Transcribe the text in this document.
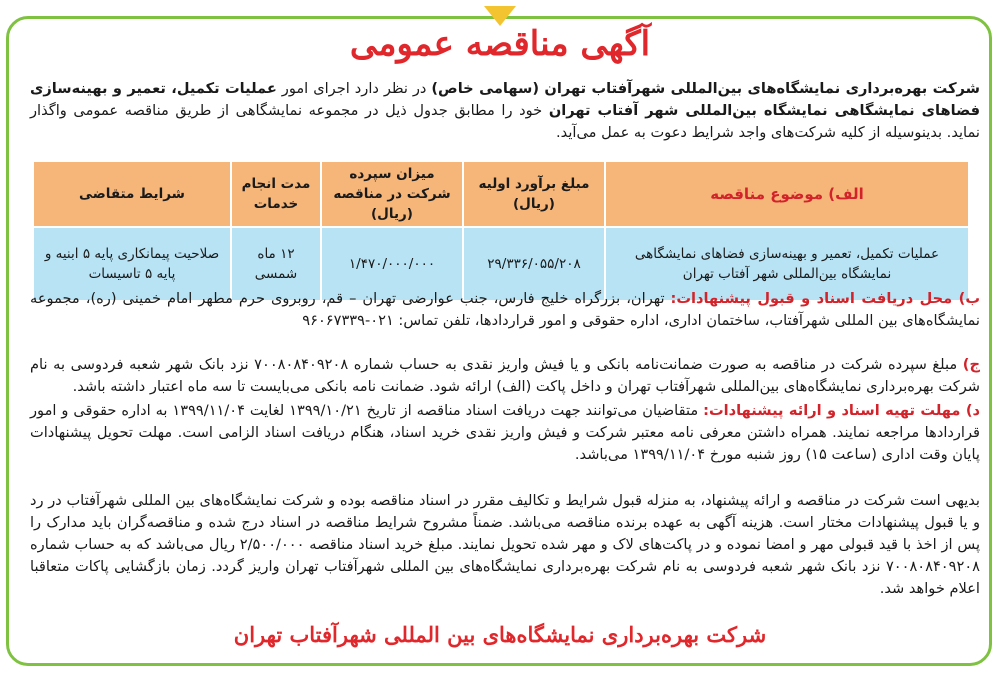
آگهی مناقصه عمومی

شرکت بهره‌برداری نمایشگاه‌های بین‌المللی شهرآفتاب تهران (سهامی خاص) در نظر دارد اجرای امور عملیات تکمیل، تعمیر و بهینه‌سازی فضاهای نمایشگاهی نمایشگاه بین‌المللی شهر آفتاب تهران خود را مطابق جدول ذیل در مجموعه نمایشگاهی از طریق مناقصه عمومی واگذار نماید. بدینوسیله از کلیه شرکت‌های واجد شرایط دعوت به عمل می‌آید.

الف) موضوع مناقصه	مبلغ برآورد اولیه (ریال)	میزان سپرده شرکت در مناقصه (ریال)	مدت انجام خدمات	شرایط متقاضی
عملیات تکمیل، تعمیر و بهینه‌سازی فضاهای نمایشگاهی نمایشگاه بین‌المللی شهر آفتاب تهران	۲۹/۳۳۶/۰۵۵/۲۰۸	۱/۴۷۰/۰۰۰/۰۰۰	۱۲ ماه شمسی	صلاحیت پیمانکاری پایه ۵ ابنیه و پایه ۵ تاسیسات

ب) محل دریافت اسناد و قبول پیشنهادات: تهران، بزرگراه خلیج فارس، جنب عوارضی تهران – قم، روبروی حرم مطهر امام خمینی (ره)، مجموعه نمایشگاه‌های بین المللی شهرآفتاب، ساختمان اداری، اداره حقوقی و امور قراردادها، تلفن تماس: ۰۲۱-۹۶۰۶۷۳۳۹

ج) مبلغ سپرده شرکت در مناقصه به صورت ضمانت‌نامه بانکی و یا فیش واریز نقدی به حساب شماره ۷۰۰۸۰۸۴۰۹۲۰۸ نزد بانک شهر شعبه فردوسی به نام شرکت بهره‌برداری نمایشگاه‌های بین‌المللی شهرآفتاب تهران و داخل پاکت (الف) ارائه شود. ضمانت نامه بانکی می‌بایست تا سه ماه اعتبار داشته باشد.

د) مهلت تهیه اسناد و ارائه پیشنهادات: متقاضیان می‌توانند جهت دریافت اسناد مناقصه از تاریخ ۱۳۹۹/۱۰/۲۱ لغایت ۱۳۹۹/۱۱/۰۴ به اداره حقوقی و امور قراردادها مراجعه نمایند. همراه داشتن معرفی نامه معتبر شرکت و فیش واریز نقدی خرید اسناد، هنگام دریافت اسناد الزامی است. مهلت تحویل پیشنهادات پایان وقت اداری (ساعت ۱۵) روز شنبه مورخ ۱۳۹۹/۱۱/۰۴ می‌باشد.

بدیهی است شرکت در مناقصه و ارائه پیشنهاد، به منزله قبول شرایط و تکالیف مقرر در اسناد مناقصه بوده و شرکت نمایشگاه‌های بین المللی شهرآفتاب در رد و یا قبول پیشنهادات مختار است. هزینه آگهی به عهده برنده مناقصه می‌باشد. ضمناً مشروح شرایط مناقصه در اسناد درج شده و مناقصه‌گران باید مدارک را پس از اخذ با قید قبولی مهر و امضا نموده و در پاکت‌های لاک و مهر شده تحویل نمایند. مبلغ خرید اسناد مناقصه ۲/۵۰۰/۰۰۰ ریال می‌باشد که به حساب شماره ۷۰۰۸۰۸۴۰۹۲۰۸ نزد بانک شهر شعبه فردوسی به نام شرکت بهره‌برداری نمایشگاه‌های بین المللی شهرآفتاب تهران واریز گردد. زمان بازگشایی پاکات متعاقبا اعلام خواهد شد.

شرکت بهره‌برداری نمایشگاه‌های بین المللی شهرآفتاب تهران
